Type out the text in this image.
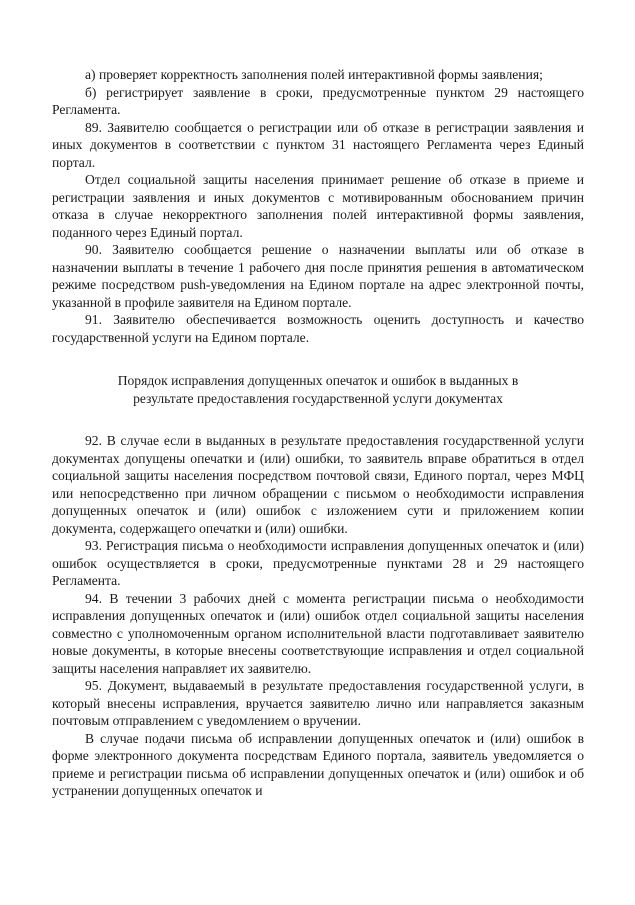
а) проверяет корректность заполнения полей интерактивной формы заявления;

б) регистрирует заявление в сроки, предусмотренные пунктом 29 настоящего Регламента.

89. Заявителю сообщается о регистрации или об отказе в регистрации заявления и иных документов в соответствии с пунктом 31 настоящего Регламента через Единый портал.

Отдел социальной защиты населения принимает решение об отказе в приеме и регистрации заявления и иных документов с мотивированным обоснованием причин отказа в случае некорректного заполнения полей интерактивной формы заявления, поданного через Единый портал.

90. Заявителю сообщается решение о назначении выплаты или об отказе в назначении выплаты в течение 1 рабочего дня после принятия решения в автоматическом режиме посредством push-уведомления на Едином портале на адрес электронной почты, указанной в профиле заявителя на Едином портале.

91. Заявителю обеспечивается возможность оценить доступность и качество государственной услуги на Едином портале.

Порядок исправления допущенных опечаток и ошибок в выданных в результате предоставления государственной услуги документах

92. В случае если в выданных в результате предоставления государственной услуги документах допущены опечатки и (или) ошибки, то заявитель вправе обратиться в отдел социальной защиты населения посредством почтовой связи, Единого портал, через МФЦ или непосредственно при личном обращении с письмом о необходимости исправления допущенных опечаток и (или) ошибок с изложением сути и приложением копии документа, содержащего опечатки и (или) ошибки.

93. Регистрация письма о необходимости исправления допущенных опечаток и (или) ошибок осуществляется в сроки, предусмотренные пунктами 28 и 29 настоящего Регламента.

94. В течении 3 рабочих дней с момента регистрации письма о необходимости исправления допущенных опечаток и (или) ошибок отдел социальной защиты населения совместно с уполномоченным органом исполнительной власти подготавливает заявителю новые документы, в которые внесены соответствующие исправления и отдел социальной защиты населения направляет их заявителю.

95. Документ, выдаваемый в результате предоставления государственной услуги, в который внесены исправления, вручается заявителю лично или направляется заказным почтовым отправлением с уведомлением о вручении.

В случае подачи письма об исправлении допущенных опечаток и (или) ошибок в форме электронного документа посредствам Единого портала, заявитель уведомляется о приеме и регистрации письма об исправлении допущенных опечаток и (или) ошибок и об устранении допущенных опечаток и
